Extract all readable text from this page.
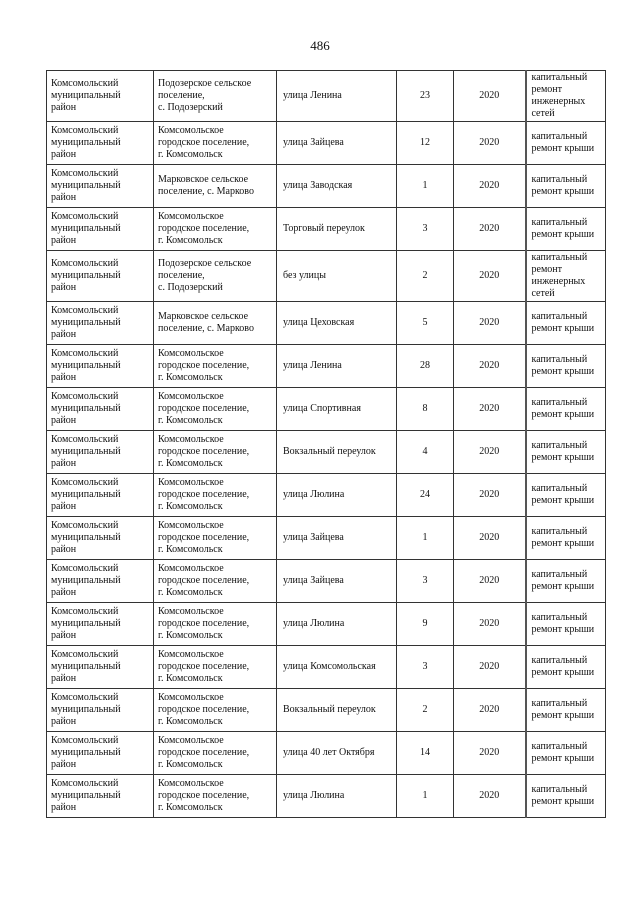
486
Комсомольский
муниципальный
район	Подозерское сельское
поселение,
с. Подозерский	улица Ленина	23	2020	капитальный
ремонт
инженерных
сетей
Комсомольский
муниципальный
район	Комсомольское
городское поселение,
г. Комсомольск	улица Зайцева	12	2020	капитальный
ремонт крыши
Комсомольский
муниципальный
район	Марковское сельское
поселение, с. Марково	улица Заводская	1	2020	капитальный
ремонт крыши
Комсомольский
муниципальный
район	Комсомольское
городское поселение,
г. Комсомольск	Торговый переулок	3	2020	капитальный
ремонт крыши
Комсомольский
муниципальный
район	Подозерское сельское
поселение,
с. Подозерский	без улицы	2	2020	капитальный
ремонт
инженерных
сетей
Комсомольский
муниципальный
район	Марковское сельское
поселение, с. Марково	улица Цеховская	5	2020	капитальный
ремонт крыши
Комсомольский
муниципальный
район	Комсомольское
городское поселение,
г. Комсомольск	улица Ленина	28	2020	капитальный
ремонт крыши
Комсомольский
муниципальный
район	Комсомольское
городское поселение,
г. Комсомольск	улица Спортивная	8	2020	капитальный
ремонт крыши
Комсомольский
муниципальный
район	Комсомольское
городское поселение,
г. Комсомольск	Вокзальный переулок	4	2020	капитальный
ремонт крыши
Комсомольский
муниципальный
район	Комсомольское
городское поселение,
г. Комсомольск	улица Люлина	24	2020	капитальный
ремонт крыши
Комсомольский
муниципальный
район	Комсомольское
городское поселение,
г. Комсомольск	улица Зайцева	1	2020	капитальный
ремонт крыши
Комсомольский
муниципальный
район	Комсомольское
городское поселение,
г. Комсомольск	улица Зайцева	3	2020	капитальный
ремонт крыши
Комсомольский
муниципальный
район	Комсомольское
городское поселение,
г. Комсомольск	улица Люлина	9	2020	капитальный
ремонт крыши
Комсомольский
муниципальный
район	Комсомольское
городское поселение,
г. Комсомольск	улица Комсомольская	3	2020	капитальный
ремонт крыши
Комсомольский
муниципальный
район	Комсомольское
городское поселение,
г. Комсомольск	Вокзальный переулок	2	2020	капитальный
ремонт крыши
Комсомольский
муниципальный
район	Комсомольское
городское поселение,
г. Комсомольск	улица 40 лет Октября	14	2020	капитальный
ремонт крыши
Комсомольский
муниципальный
район	Комсомольское
городское поселение,
г. Комсомольск	улица Люлина	1	2020	капитальный
ремонт крыши
